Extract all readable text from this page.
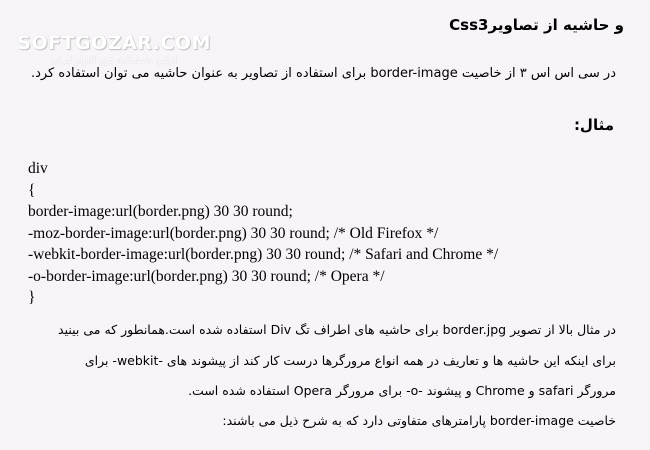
SOFTGOZAR.COM
اولین دانشنامه نرم افزار ایران
Css3و حاشیه از تصاویر
در سی اس اس ۳ از خاصیت border-image برای استفاده از تصاویر به عنوان حاشیه می توان استفاده کرد.
مثال:
div
{
border-image:url(border.png) 30 30 round;
-moz-border-image:url(border.png) 30 30 round; /* Old Firefox */
-webkit-border-image:url(border.png) 30 30 round; /* Safari and Chrome */
-o-border-image:url(border.png) 30 30 round; /* Opera */
}
در مثال بالا از تصویر border.jpg برای حاشیه های اطراف تگ Div استفاده شده است.همانطور که می بینید
برای اینکه این حاشیه ها و تعاریف در همه انواع مرورگرها درست کار کند از پیشوند های -webkit- برای
مرورگر safari و Chrome و پیشوند -o- برای مرورگر Opera استفاده شده است.
خاصیت border-image پارامترهای متفاوتی دارد که به شرح ذیل می باشند:
